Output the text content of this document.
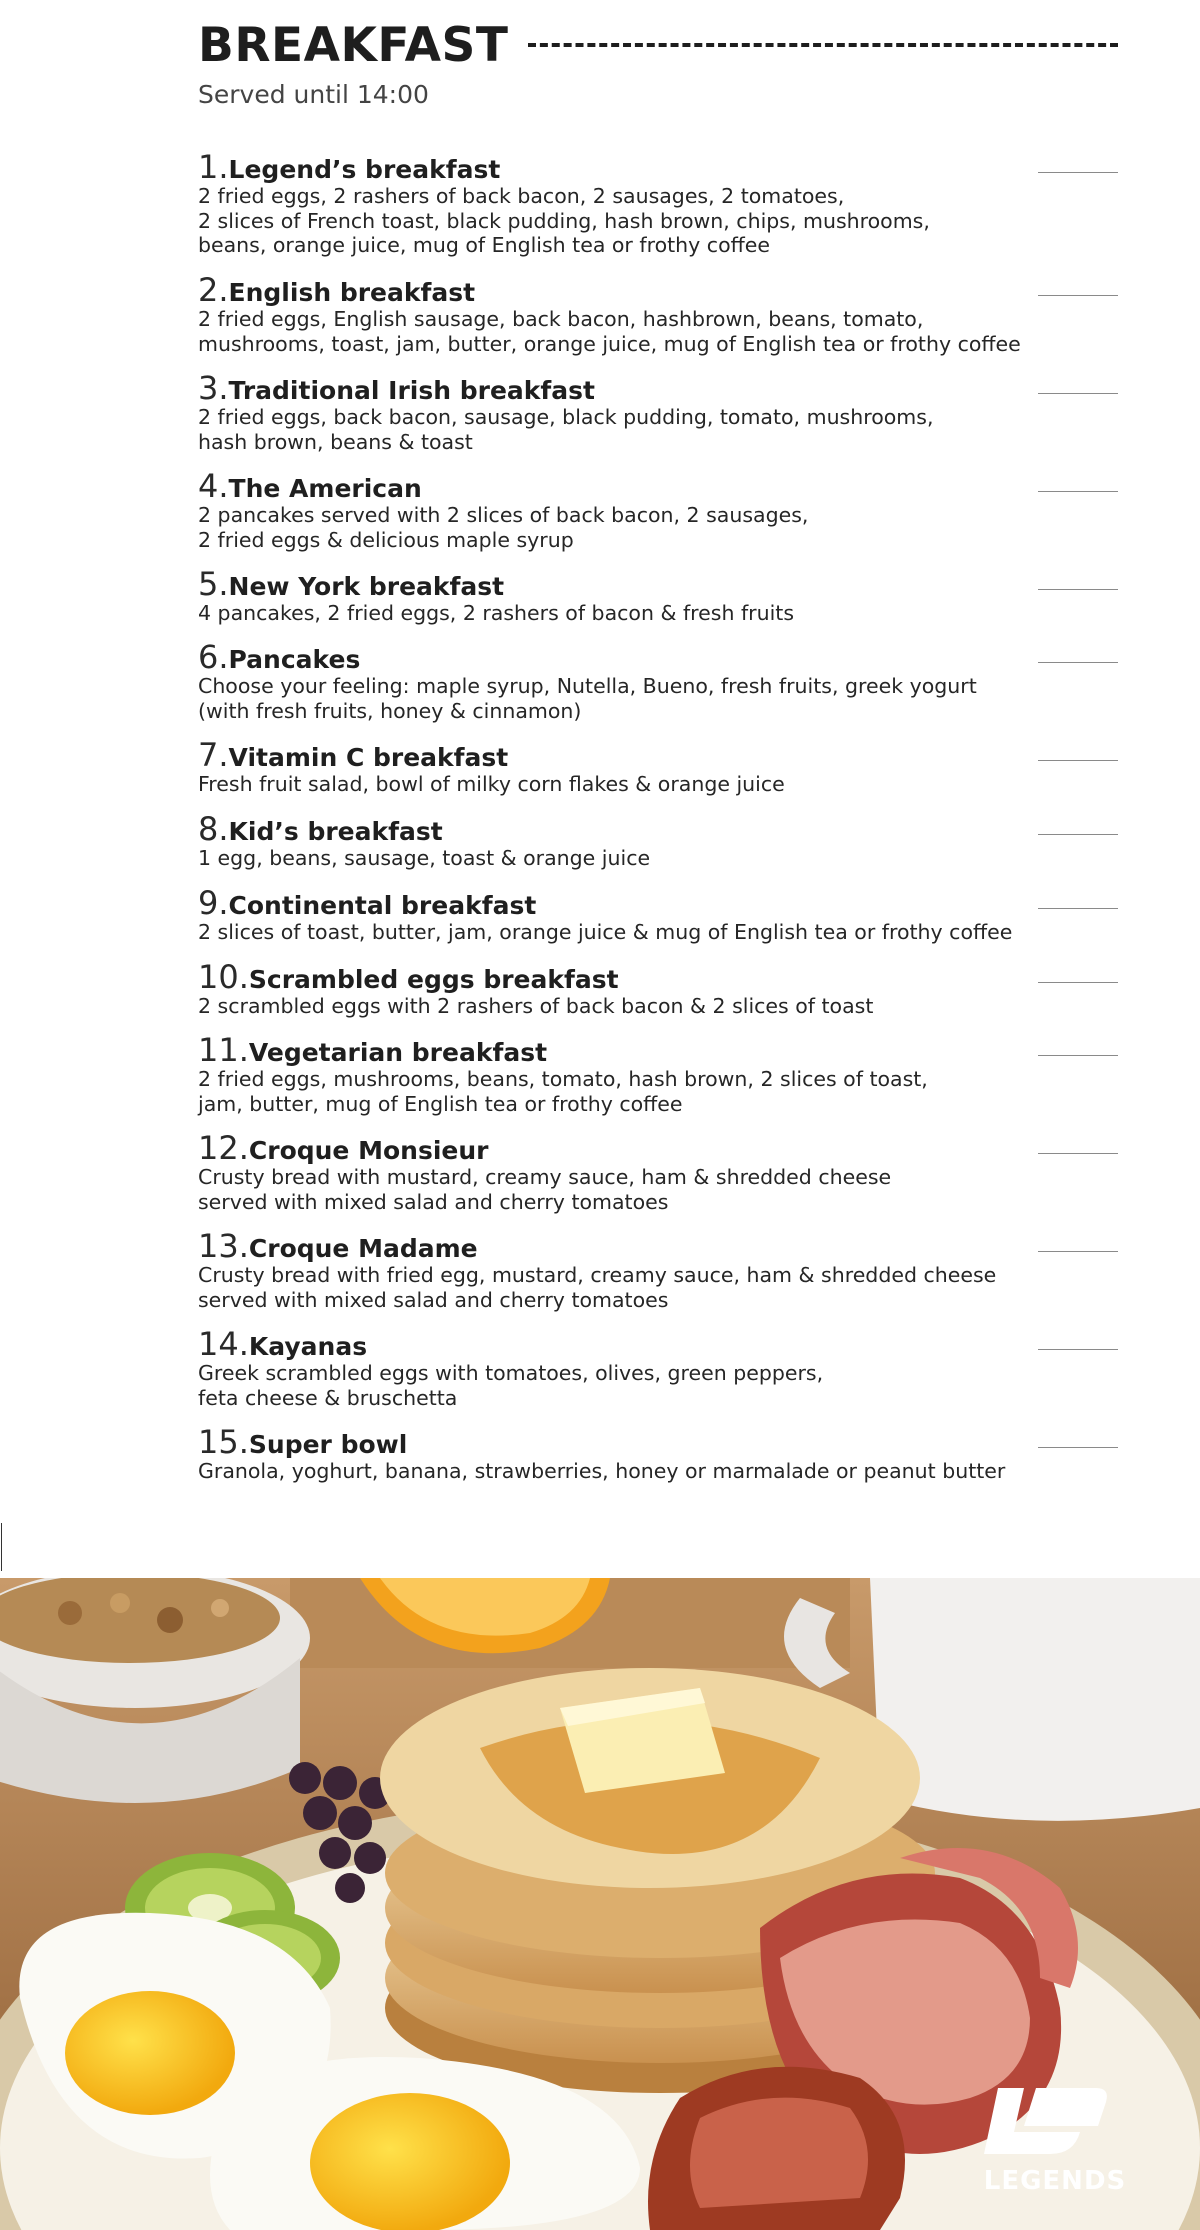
BREAKFAST
Served until 14:00
1. Legend’s breakfast
2 fried eggs, 2 rashers of back bacon, 2 sausages, 2 tomatoes,
2 slices of French toast, black pudding, hash brown, chips, mushrooms,
beans, orange juice, mug of English tea or frothy coffee
2. English breakfast
2 fried eggs, English sausage, back bacon, hashbrown, beans, tomato,
mushrooms, toast, jam, butter, orange juice, mug of English tea or frothy coffee
3. Traditional Irish breakfast
2 fried eggs, back bacon, sausage, black pudding, tomato, mushrooms,
hash brown, beans & toast
4. The American
2 pancakes served with 2 slices of back bacon, 2 sausages,
2 fried eggs & delicious maple syrup
5. New York breakfast
4 pancakes, 2 fried eggs, 2 rashers of bacon & fresh fruits
6. Pancakes
Choose your feeling: maple syrup, Nutella, Bueno, fresh fruits, greek yogurt
(with fresh fruits, honey & cinnamon)
7. Vitamin C breakfast
Fresh fruit salad, bowl of milky corn flakes & orange juice
8. Kid’s breakfast
1 egg, beans, sausage, toast & orange juice
9. Continental breakfast
2 slices of toast, butter, jam, orange juice & mug of English tea or frothy coffee
10. Scrambled eggs breakfast
2 scrambled eggs with 2 rashers of back bacon & 2 slices of toast
11. Vegetarian breakfast
2 fried eggs, mushrooms, beans, tomato, hash brown, 2 slices of toast,
jam, butter, mug of English tea or frothy coffee
12. Croque Monsieur
Crusty bread with mustard, creamy sauce, ham & shredded cheese
served with mixed salad and cherry tomatoes
13. Croque Madame
Crusty bread with fried egg, mustard, creamy sauce, ham & shredded cheese
served with mixed salad and cherry tomatoes
14. Kayanas
Greek scrambled eggs with tomatoes, olives, green peppers,
feta cheese & bruschetta
15. Super bowl
Granola, yoghurt, banana, strawberries, honey or marmalade or peanut butter
LEGENDS
